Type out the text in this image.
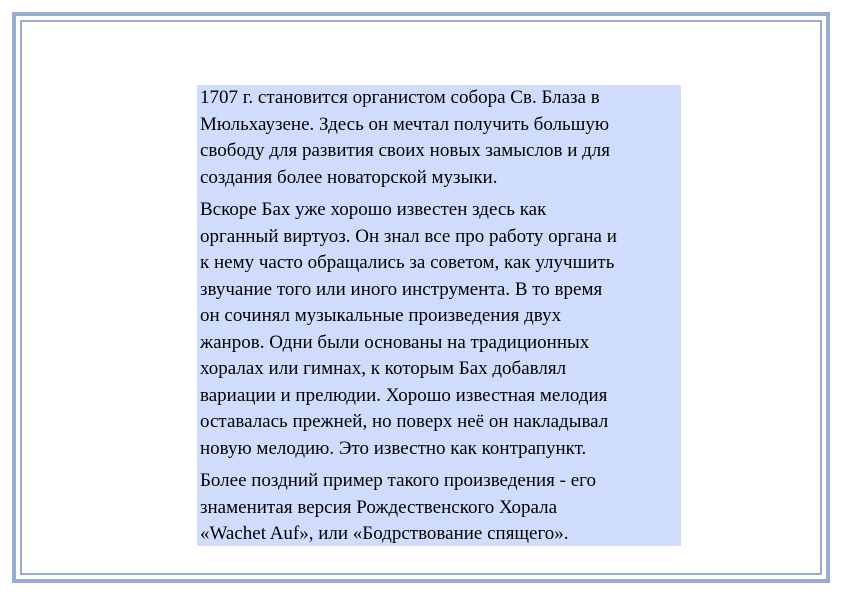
1707 г. становится органистом собора Св. Блаза в
Мюльхаузене. Здесь он мечтал получить большую
свободу для развития своих новых замыслов и для
создания более новаторской музыки.

Вскоре Бах уже хорошо известен здесь как
органный виртуоз. Он знал все про работу органа и
к нему часто обращались за советом, как улучшить
звучание того или иного инструмента. В то время
он сочинял музыкальные произведения двух
жанров. Одни были основаны на традиционных
хоралах или гимнах, к которым Бах добавлял
вариации и прелюдии. Хорошо известная мелодия
оставалась прежней, но поверх неё он накладывал
новую мелодию. Это известно как контрапункт.

Более поздний пример такого произведения - его
знаменитая версия Рождественского Хорала
«Wachet Auf», или «Бодрствование спящего».
